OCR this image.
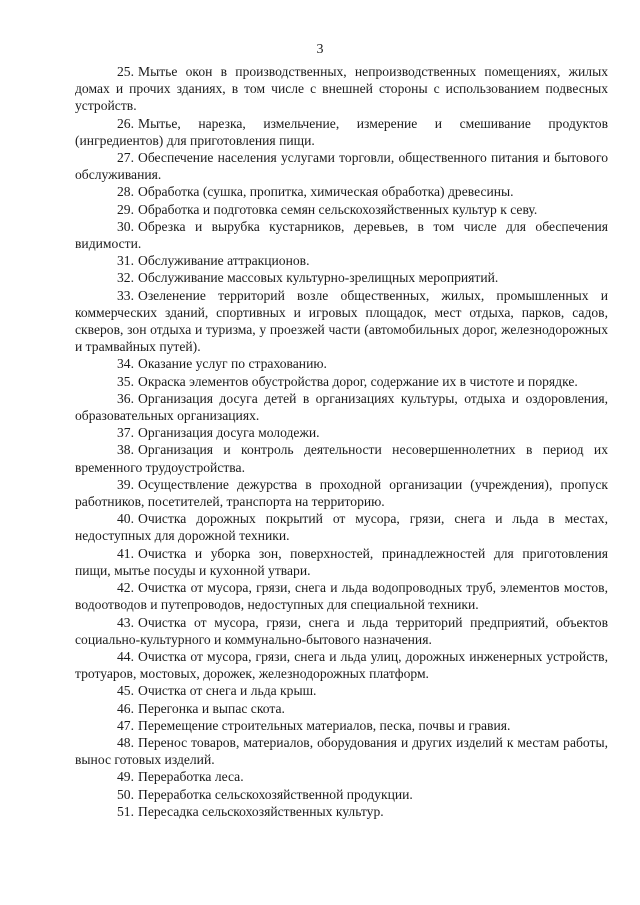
3

25. Мытье окон в производственных, непроизводственных помещениях, жилых домах и прочих зданиях, в том числе с внешней стороны с использованием подвесных устройств.

26. Мытье, нарезка, измельчение, измерение и смешивание продуктов (ингредиентов) для приготовления пищи.

27. Обеспечение населения услугами торговли, общественного питания и бытового обслуживания.

28. Обработка (сушка, пропитка, химическая обработка) древесины.

29. Обработка и подготовка семян сельскохозяйственных культур к севу.

30. Обрезка и вырубка кустарников, деревьев, в том числе для обеспечения видимости.

31. Обслуживание аттракционов.

32. Обслуживание массовых культурно-зрелищных мероприятий.

33. Озеленение территорий возле общественных, жилых, промышленных и коммерческих зданий, спортивных и игровых площадок, мест отдыха, парков, садов, скверов, зон отдыха и туризма, у проезжей части (автомобильных дорог, железнодорожных и трамвайных путей).

34. Оказание услуг по страхованию.

35. Окраска элементов обустройства дорог, содержание их в чистоте и порядке.

36. Организация досуга детей в организациях культуры, отдыха и оздоровления, образовательных организациях.

37. Организация досуга молодежи.

38. Организация и контроль деятельности несовершеннолетних в период их временного трудоустройства.

39. Осуществление дежурства в проходной организации (учреждения), пропуск работников, посетителей, транспорта на территорию.

40. Очистка дорожных покрытий от мусора, грязи, снега и льда в местах, недоступных для дорожной техники.

41. Очистка и уборка зон, поверхностей, принадлежностей для приготовления пищи, мытье посуды и кухонной утвари.

42. Очистка от мусора, грязи, снега и льда водопроводных труб, элементов мостов, водоотводов и путепроводов, недоступных для специальной техники.

43. Очистка от мусора, грязи, снега и льда территорий предприятий, объектов социально-культурного и коммунально-бытового назначения.

44. Очистка от мусора, грязи, снега и льда улиц, дорожных инженерных устройств, тротуаров, мостовых, дорожек, железнодорожных платформ.

45. Очистка от снега и льда крыш.

46. Перегонка и выпас скота.

47. Перемещение строительных материалов, песка, почвы и гравия.

48. Перенос товаров, материалов, оборудования и других изделий к местам работы, вынос готовых изделий.

49. Переработка леса.

50. Переработка сельскохозяйственной продукции.

51. Пересадка сельскохозяйственных культур.
